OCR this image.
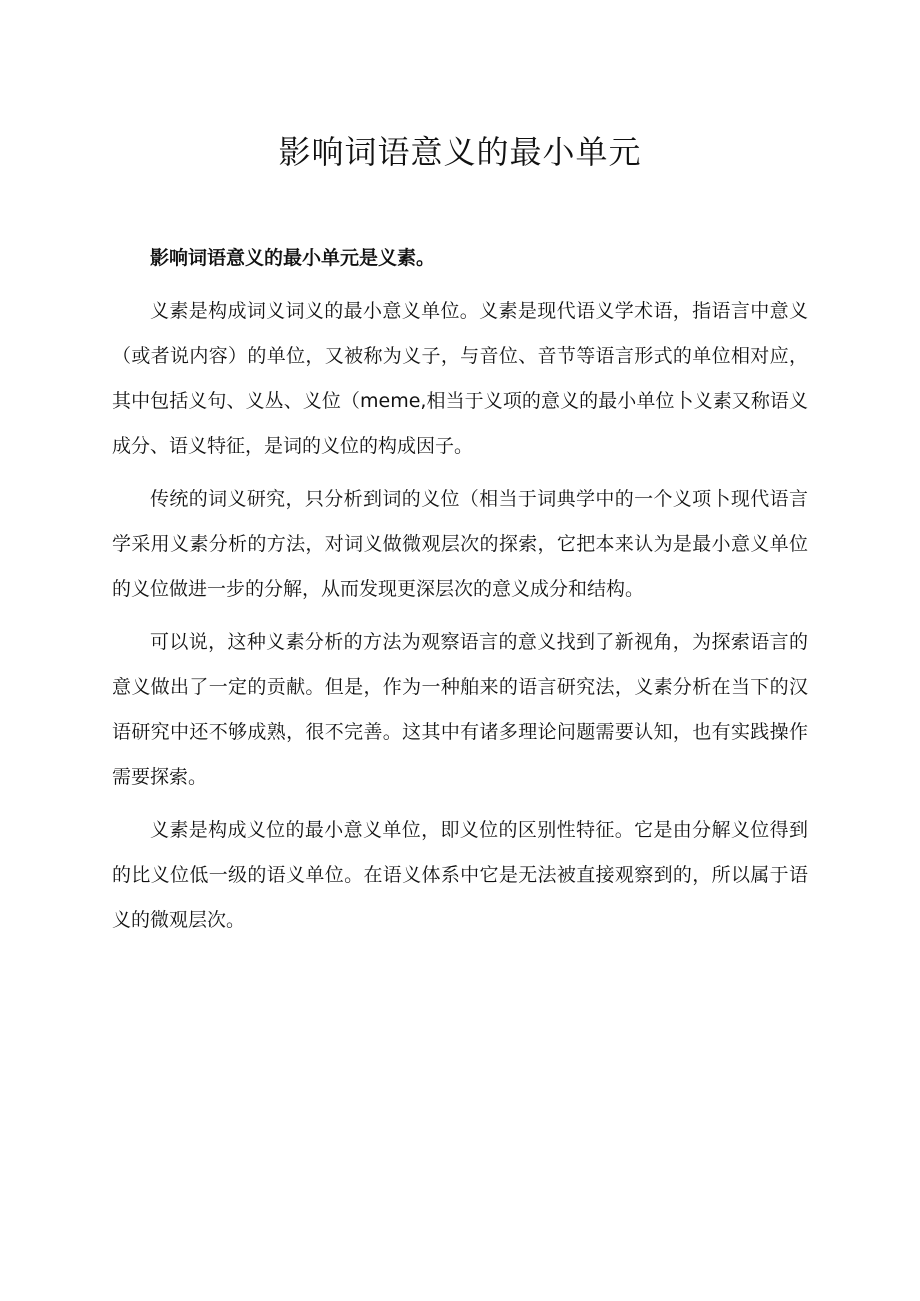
影响词语意义的最小单元

影响词语意义的最小单元是义素。

义素是构成词义词义的最小意义单位。义素是现代语义学术语，指语言中意义（或者说内容）的单位，又被称为义子，与音位、音节等语言形式的单位相对应，其中包括义句、义丛、义位（meme,相当于义项的意义的最小单位卜义素又称语义成分、语义特征，是词的义位的构成因子。

传统的词义研究，只分析到词的义位（相当于词典学中的一个义项卜现代语言学采用义素分析的方法，对词义做微观层次的探索，它把本来认为是最小意义单位的义位做进一步的分解，从而发现更深层次的意义成分和结构。

可以说，这种义素分析的方法为观察语言的意义找到了新视角，为探索语言的意义做出了一定的贡献。但是，作为一种舶来的语言研究法，义素分析在当下的汉语研究中还不够成熟，很不完善。这其中有诸多理论问题需要认知，也有实践操作需要探索。

义素是构成义位的最小意义单位，即义位的区别性特征。它是由分解义位得到的比义位低一级的语义单位。在语义体系中它是无法被直接观察到的，所以属于语义的微观层次。
